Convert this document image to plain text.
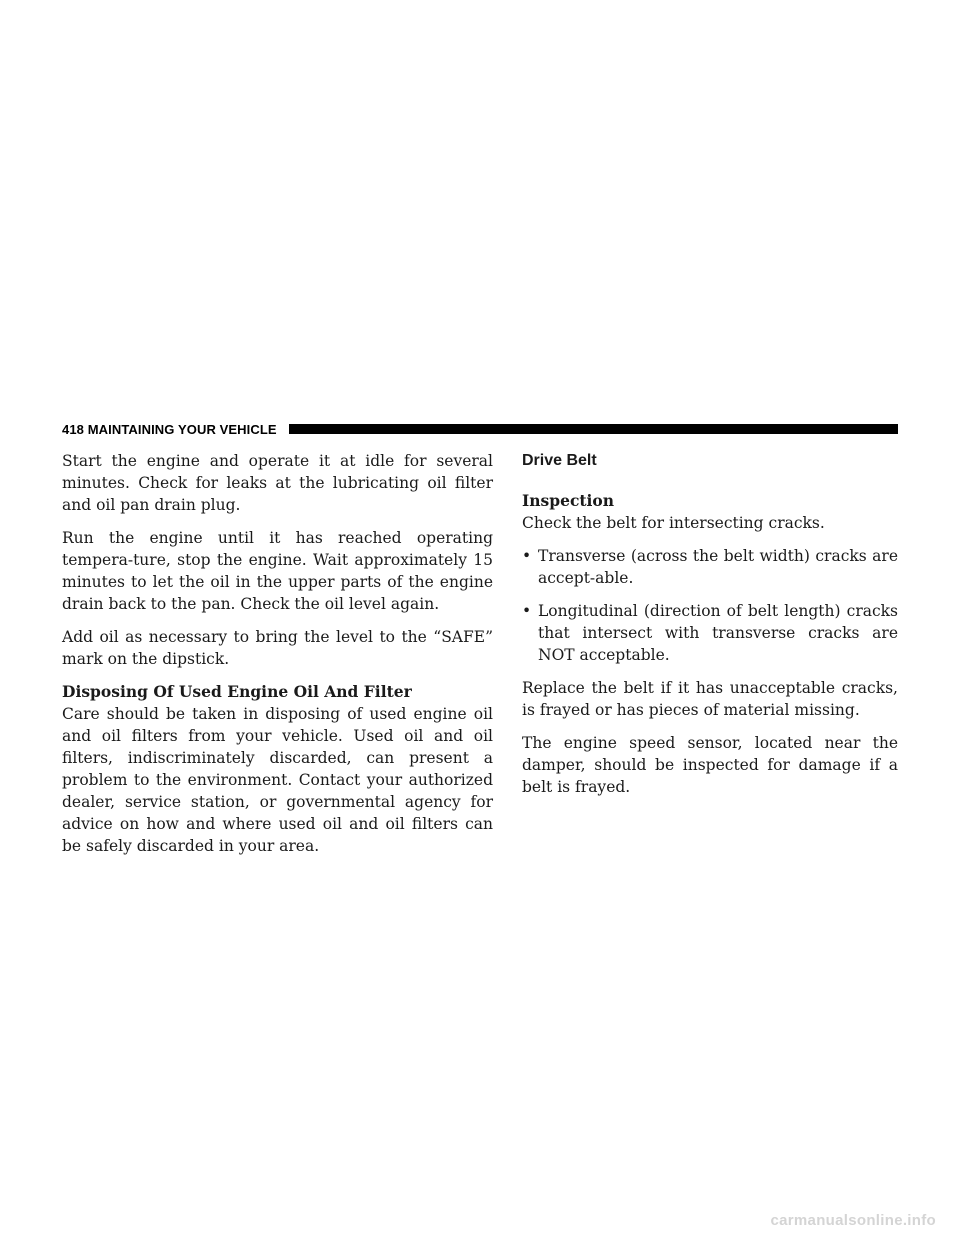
418 MAINTAINING YOUR VEHICLE

Start the engine and operate it at idle for several minutes. Check for leaks at the lubricating oil filter and oil pan drain plug.

Run the engine until it has reached operating tempera-ture, stop the engine. Wait approximately 15 minutes to let the oil in the upper parts of the engine drain back to the pan. Check the oil level again.

Add oil as necessary to bring the level to the “SAFE” mark on the dipstick.

Disposing Of Used Engine Oil And Filter

Care should be taken in disposing of used engine oil and oil filters from your vehicle. Used oil and oil filters, indiscriminately discarded, can present a problem to the environment. Contact your authorized dealer, service station, or governmental agency for advice on how and where used oil and oil filters can be safely discarded in your area.

Drive Belt
Inspection

Check the belt for intersecting cracks.

• Transverse (across the belt width) cracks are accept-able.
• Longitudinal (direction of belt length) cracks that intersect with transverse cracks are NOT acceptable.

Replace the belt if it has unacceptable cracks, is frayed or has pieces of material missing.

The engine speed sensor, located near the damper, should be inspected for damage if a belt is frayed.

carmanualsonline.info
